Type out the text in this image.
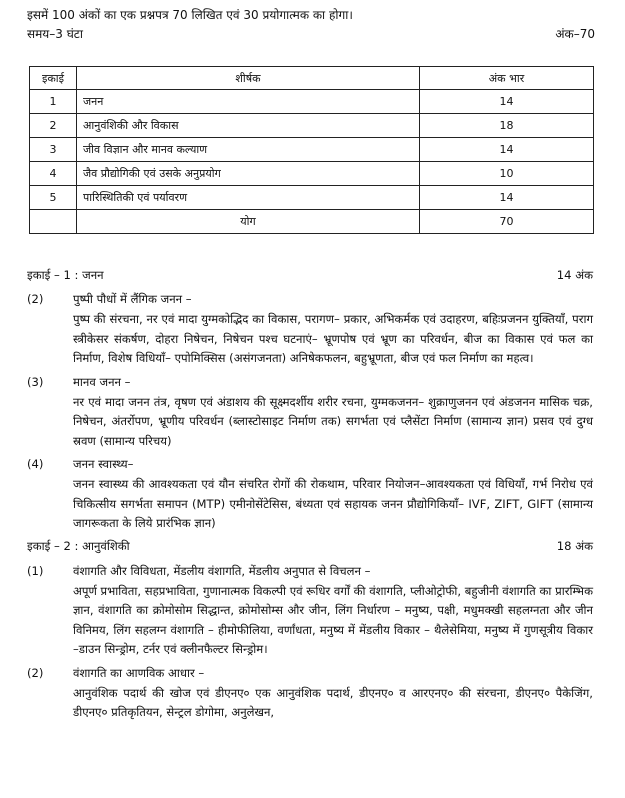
इसमें 100 अंकों का एक प्रश्नपत्र 70 लिखित एवं 30 प्रयोगात्मक का होगा।
समय–3 घंटा	अंक–70
इकाई	शीर्षक	अंक भार
1	जनन	14
2	आनुवंशिकी और विकास	18
3	जीव विज्ञान और मानव कल्याण	14
4	जैव प्रौद्योगिकी एवं उसके अनुप्रयोग	10
5	पारिस्थितिकी एवं पर्यावरण	14
	योग	70
इकाई – 1 : जनन	14 अंक
(2)	पुष्पी पौधों में लैंगिक जनन –
पुष्प की संरचना, नर एवं मादा युग्मकोद्भिद का विकास, परागण– प्रकार, अभिकर्मक एवं उदाहरण, बहिःप्रजनन युक्तियाँ, पराग स्त्रीकेसर संकर्षण, दोहरा निषेचन, निषेचन पश्च घटनाएं– भ्रूणपोष एवं भ्रूण का परिवर्धन, बीज का विकास एवं फल का निर्माण, विशेष विधियाँ– एपोमिक्सिस (असंगजनता) अनिषेकफलन, बहुभ्रूणता, बीज एवं फल निर्माण का महत्व।
(3)	मानव जनन –
नर एवं मादा जनन तंत्र, वृषण एवं अंडाशय की सूक्ष्मदर्शीय शरीर रचना, युग्मकजनन– शुक्राणुजनन एवं अंडजनन मासिक चक्र, निषेचन, अंतर्रोपण, भ्रूणीय परिवर्धन (ब्लास्टोसाइट निर्माण तक) सगर्भता एवं प्लैसेंटा निर्माण (सामान्य ज्ञान) प्रसव एवं दुग्ध स्रवण (सामान्य परिचय)
(4)	जनन स्वास्थ्य–
जनन स्वास्थ्य की आवश्यकता एवं यौन संचरित रोगों की रोकथाम, परिवार नियोजन–आवश्यकता एवं विधियाँ, गर्भ निरोध एवं चिकित्सीय सगर्भता समापन (MTP) एमीनोसेंटेसिस, बंध्यता एवं सहायक जनन प्रौद्योगिकियाँ– IVF, ZIFT, GIFT (सामान्य जागरूकता के लिये प्रारंभिक ज्ञान)
इकाई – 2 : आनुवंशिकी	18 अंक
(1)	वंशागति और विविधता, मेंडलीय वंशागति, मेंडलीय अनुपात से विचलन –
अपूर्ण प्रभाविता, सहप्रभाविता, गुणानात्मक विकल्पी एवं रूधिर वर्गों की वंशागति, प्लीओट्रोफी, बहुजीनी वंशागति का प्रारम्भिक ज्ञान, वंशागति का क्रोमोसोम सिद्धान्त, क्रोमोसोम्स और जीन, लिंग निर्धारण – मनुष्य, पक्षी, मधुमक्खी सहलग्नता और जीन विनिमय, लिंग सहलग्न वंशागति – हीमोफीलिया, वर्णांधता, मनुष्य में मेंडलीय विकार – थैलेसेमिया, मनुष्य में गुणसूत्रीय विकार –डाउन सिन्ड्रोम, टर्नर एवं क्लीनफैल्टर सिन्ड्रोम।
(2)	वंशागति का आणविक आधार –
आनुवंशिक पदार्थ की खोज एवं डीएनए० एक आनुवंशिक पदार्थ, डीएनए० व आरएनए० की संरचना, डीएनए० पैकेजिंग, डीएनए० प्रतिकृतियन, सेन्ट्रल डोगोमा, अनुलेखन,
